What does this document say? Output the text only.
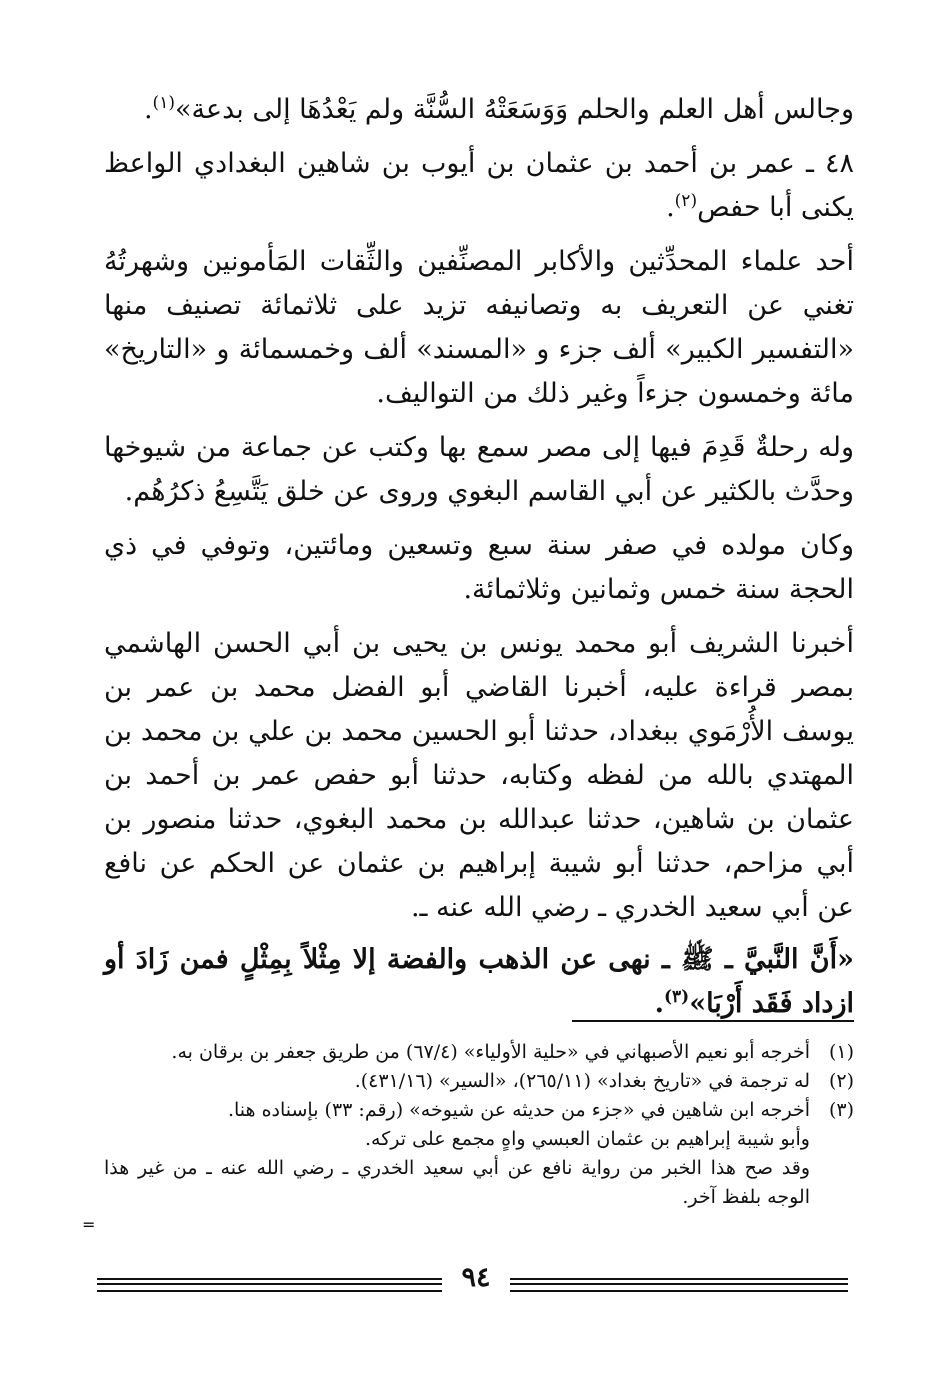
وجالس أهل العلم والحلم وَوَسَعَتْهُ السُّنَّة ولم يَعْدُهَا إلى بدعة»$^{(١)}$.

٤٨ ـ عمر بن أحمد بن عثمان بن أيوب بن شاهين البغدادي الواعظ يكنى أبا حفص$^{(٢)}$.

أحد علماء المحدِّثين والأكابر المصنِّفين والثِّقات المَأمونين وشهرتُهُ تغني عن التعريف به وتصانيفه تزيد على ثلاثمائة تصنيف منها «التفسير الكبير» ألف جزء و «المسند» ألف وخمسمائة و «التاريخ» مائة وخمسون جزءاً وغير ذلك من التواليف.

وله رحلةٌ قَدِمَ فيها إلى مصر سمع بها وكتب عن جماعة من شيوخها وحدَّث بالكثير عن أبي القاسم البغوي وروى عن خلق يَتَّسِعُ ذكرُهُم.

وكان مولده في صفر سنة سبع وتسعين ومائتين، وتوفي في ذي الحجة سنة خمس وثمانين وثلاثمائة.

أخبرنا الشريف أبو محمد يونس بن يحيى بن أبي الحسن الهاشمي بمصر قراءة عليه، أخبرنا القاضي أبو الفضل محمد بن عمر بن يوسف الأُرْمَوي ببغداد، حدثنا أبو الحسين محمد بن علي بن محمد بن المهتدي بالله من لفظه وكتابه، حدثنا أبو حفص عمر بن أحمد بن عثمان بن شاهين، حدثنا عبدالله بن محمد البغوي، حدثنا منصور بن أبي مزاحم، حدثنا أبو شيبة إبراهيم بن عثمان عن الحكم عن نافع عن أبي سعيد الخدري ـ رضي الله عنه ـ.

«أَنَّ النَّبيَّ ـ ﷺ ـ نهى عن الذهب والفضة إلا مِثْلاً بِمِثْلٍ فمن زَادَ أو ازداد فَقَد أَرْبَا»$^{(٣)}$.

(١)
أخرجه أبو نعيم الأصبهاني في «حلية الأولياء» (٦٧/٤) من طريق جعفر بن برقان به.
(٢)
له ترجمة في «تاريخ بغداد» (٢٦٥/١١)، «السير» (٤٣١/١٦).
(٣)
أخرجه ابن شاهين في «جزء من حديثه عن شيوخه» (رقم: ٣٣) بإسناده هنا.
وأبو شيبة إبراهيم بن عثمان العبسي واهٍ مجمع على تركه.
وقد صح هذا الخبر من رواية نافع عن أبي سعيد الخدري ـ رضي الله عنه ـ من غير هذا الوجه بلفظ آخر.
=
٩٤
